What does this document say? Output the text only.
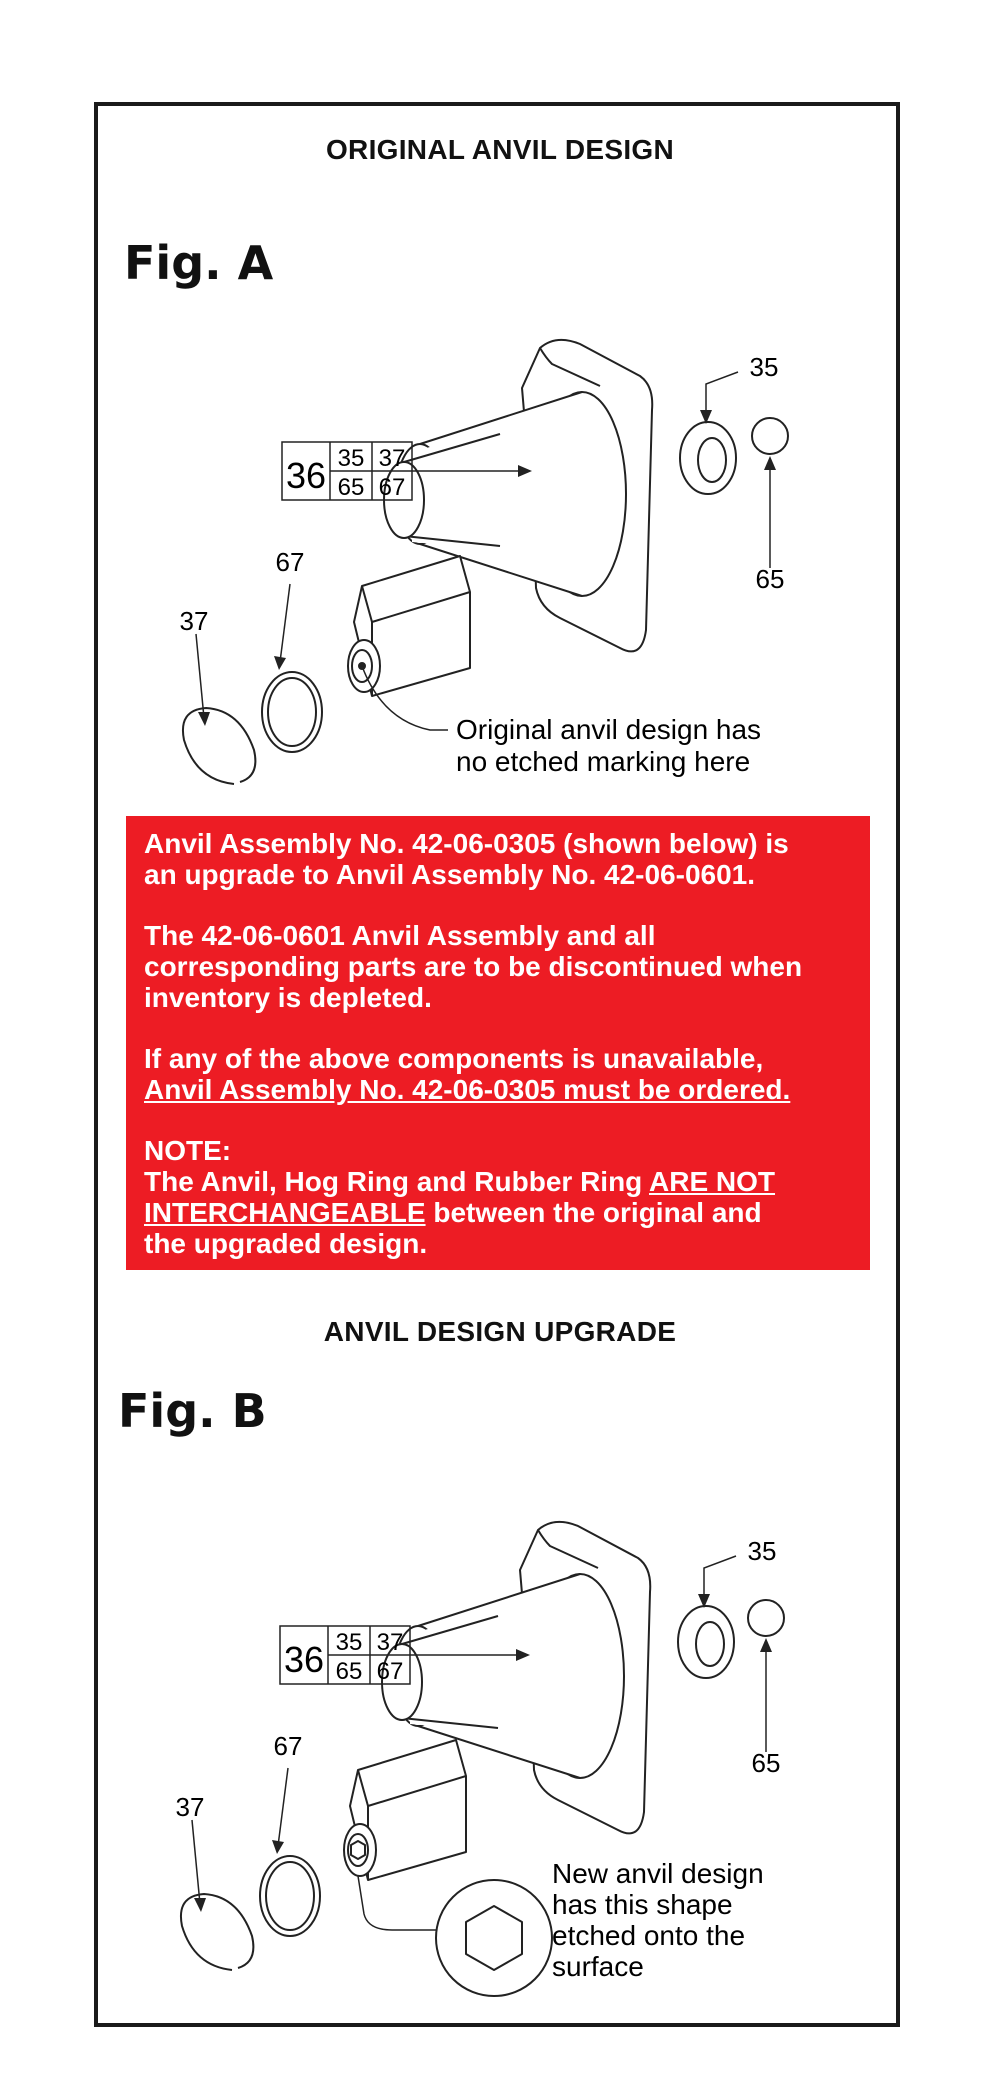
ORIGINAL ANVIL DESIGN
Fig. A
36 35 37
65 67
35
65
67
37
Original anvil design has
no etched marking here

Anvil Assembly No. 42-06-0305 (shown below) is
an upgrade to Anvil Assembly No. 42-06-0601.

The 42-06-0601 Anvil Assembly and all
corresponding parts are to be discontinued when
inventory is depleted.

If any of the above components is unavailable,
Anvil Assembly No. 42-06-0305 must be ordered.

NOTE:
The Anvil, Hog Ring and Rubber Ring ARE NOT
INTERCHANGEABLE between the original and
the upgraded design.

ANVIL DESIGN UPGRADE
Fig. B
36 35 37
65 67
35
65
67
37
New anvil design
has this shape
etched onto the
surface
